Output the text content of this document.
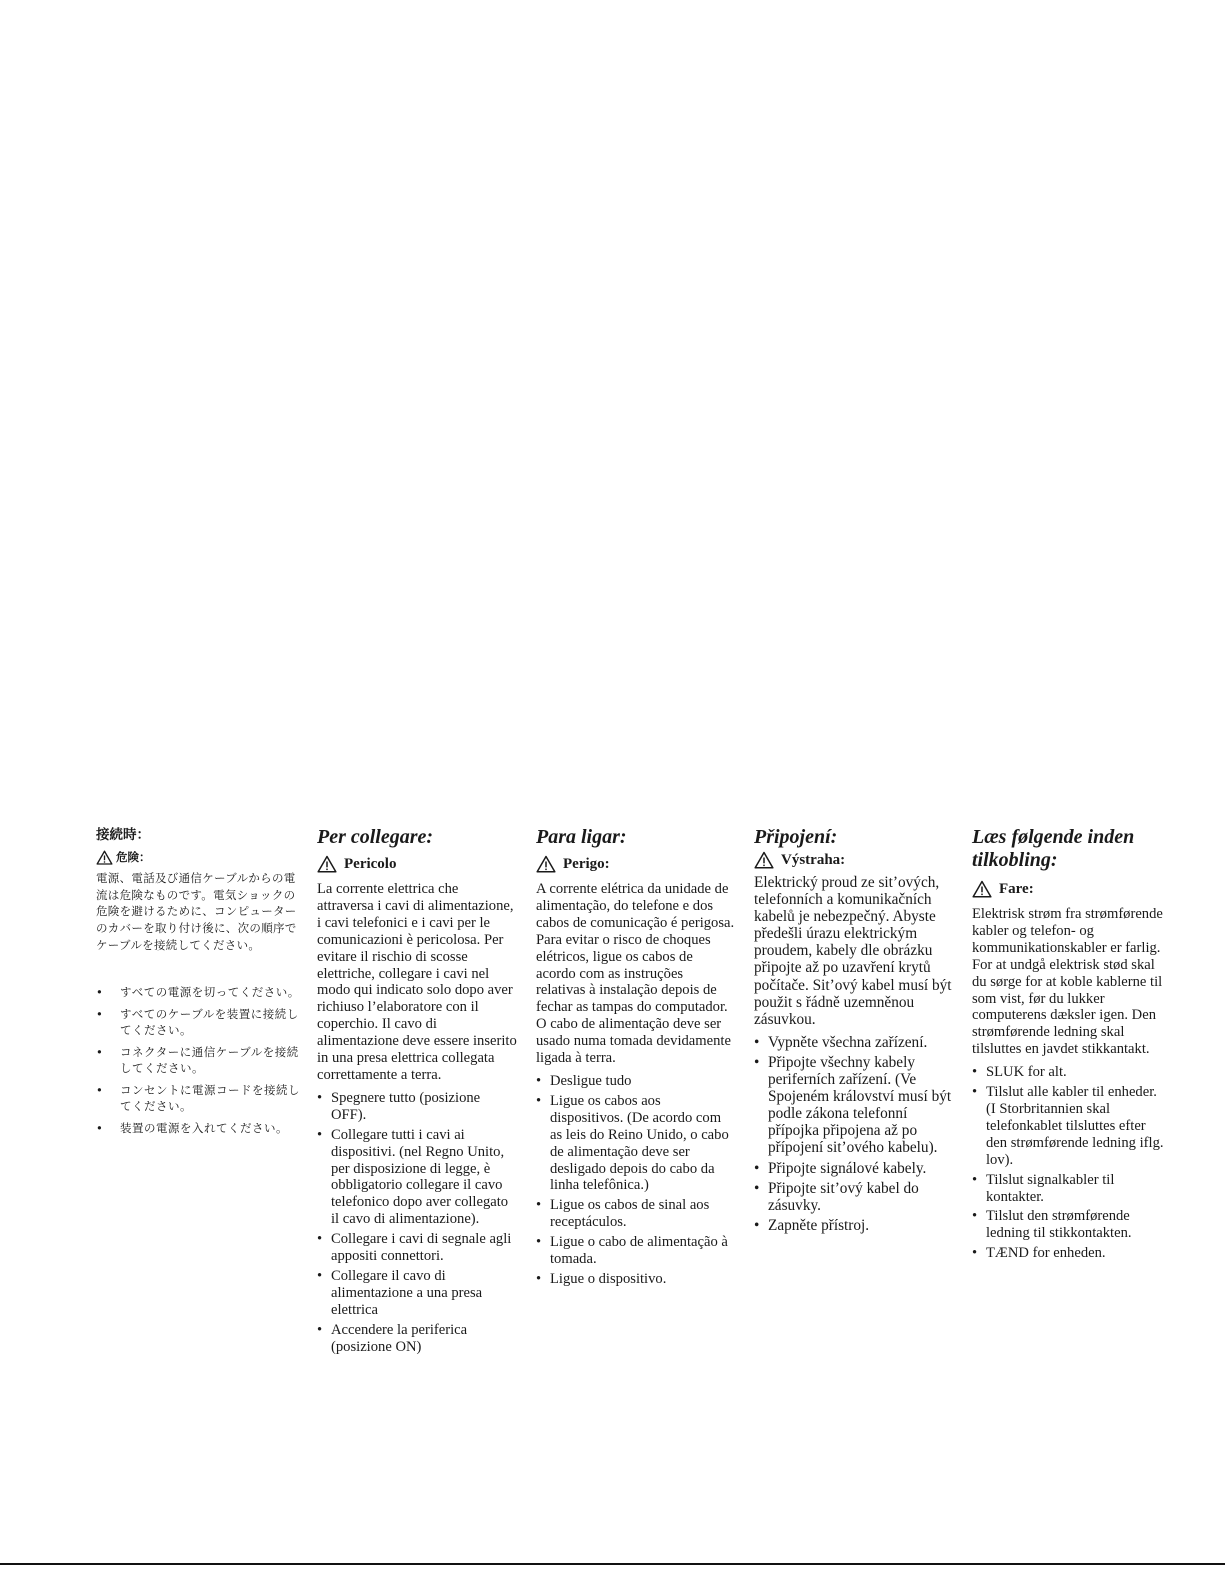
接続時：
危険：

電源、電話及び通信ケーブルからの電流は危険なものです。電気ショックの危険を避けるために、コンピューターのカバーを取り付け後に、次の順序でケーブルを接続してください。

• すべての電源を切ってください。
• すべてのケーブルを装置に接続してください。
• コネクターに通信ケーブルを接続してください。
• コンセントに電源コードを接続してください。
• 装置の電源を入れてください。
Per collegare:
Pericolo

La corrente elettrica che attraversa i cavi di alimentazione, i cavi telefonici e i cavi per le comunicazioni è pericolosa. Per evitare il rischio di scosse elettriche, collegare i cavi nel modo qui indicato solo dopo aver richiuso l’elaboratore con il coperchio. Il cavo di alimentazione deve essere inserito in una presa elettrica collegata correttamente a terra.

• Spegnere tutto (posizione OFF).
• Collegare tutti i cavi ai dispositivi. (nel Regno Unito, per disposizione di legge, è obbligatorio collegare il cavo telefonico dopo aver collegato il cavo di alimentazione).
• Collegare i cavi di segnale agli appositi connettori.
• Collegare il cavo di alimentazione a una presa elettrica
• Accendere la periferica (posizione ON)
Para ligar:
Perigo:

A corrente elétrica da unidade de alimentação, do telefone e dos cabos de comunicação é perigosa. Para evitar o risco de choques elétricos, ligue os cabos de acordo com as instruções relativas à instalação depois de fechar as tampas do computador. O cabo de alimentação deve ser usado numa tomada devidamente ligada à terra.

• Desligue tudo
• Ligue os cabos aos dispositivos. (De acordo com as leis do Reino Unido, o cabo de alimentação deve ser desligado depois do cabo da linha telefônica.)
• Ligue os cabos de sinal aos receptáculos.
• Ligue o cabo de alimentação à tomada.
• Ligue o dispositivo.
Připojení:
Výstraha:

Elektrický proud ze sit’ových, telefonních a komunikačních kabelů je nebezpečný. Abyste předešli úrazu elektrickým proudem, kabely dle obrázku připojte až po uzavření krytů počítače. Sit’ový kabel musí být použit s řádně uzemněnou zásuvkou.

• Vypněte všechna zařízení.
• Připojte všechny kabely periferních zařízení. (Ve Spojeném království musí být podle zákona telefonní přípojka připojena až po přípojení sit’ového kabelu).
• Připojte signálové kabely.
• Připojte sit’ový kabel do zásuvky.
• Zapněte přístroj.
Læs følgende inden tilkobling:
Fare:

Elektrisk strøm fra strømførende kabler og telefon- og kommunikationskabler er farlig. For at undgå elektrisk stød skal du sørge for at koble kablerne til som vist, før du lukker computerens dæksler igen. Den strømførende ledning skal tilsluttes en javdet stikkantakt.

• SLUK for alt.
• Tilslut alle kabler til enheder. (I Storbritannien skal telefonkablet tilsluttes efter den strømførende ledning iflg. lov).
• Tilslut signalkabler til kontakter.
• Tilslut den strømførende ledning til stikkontakten.
• TÆND for enheden.
